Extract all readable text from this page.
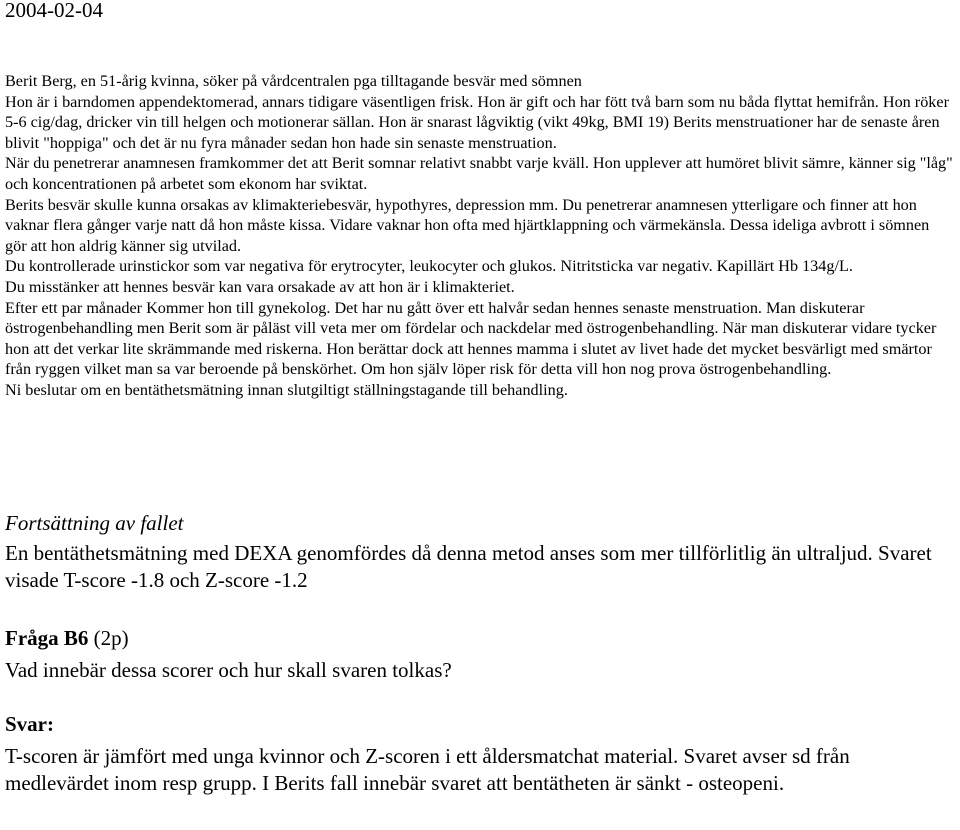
2004-02-04

Berit Berg, en 51-årig kvinna, söker på vårdcentralen pga tilltagande besvär med sömnen

Hon är i barndomen appendektomerad, annars tidigare väsentligen frisk. Hon är gift och har fött två barn som nu båda flyttat hemifrån. Hon röker 5-6 cig/dag, dricker vin till helgen och motionerar sällan. Hon är snarast lågviktig (vikt 49kg, BMI 19) Berits menstruationer har de senaste åren blivit "hoppiga" och det är nu fyra månader sedan hon hade sin senaste menstruation.

När du penetrerar anamnesen framkommer det att Berit somnar relativt snabbt varje kväll. Hon upplever att humöret blivit sämre, känner sig "låg" och koncentrationen på arbetet som ekonom har sviktat.

Berits besvär skulle kunna orsakas av klimakteriebesvär, hypothyres, depression mm. Du penetrerar anamnesen ytterligare och finner att hon vaknar flera gånger varje natt då hon måste kissa. Vidare vaknar hon ofta med hjärtklappning och värmekänsla. Dessa ideliga avbrott i sömnen gör att hon aldrig känner sig utvilad.

Du kontrollerade urinstickor som var negativa för erytrocyter, leukocyter och glukos. Nitritsticka var negativ. Kapillärt Hb 134g/L.

Du misstänker att hennes besvär kan vara orsakade av att hon är i klimakteriet.

Efter ett par månader Kommer hon till gynekolog. Det har nu gått över ett halvår sedan hennes senaste menstruation. Man diskuterar östrogenbehandling men Berit som är påläst vill veta mer om fördelar och nackdelar med östrogenbehandling. När man diskuterar vidare tycker hon att det verkar lite skrämmande med riskerna. Hon berättar dock att hennes mamma i slutet av livet hade det mycket besvärligt med smärtor från ryggen vilket man sa var beroende på benskörhet. Om hon själv löper risk för detta vill hon nog prova östrogenbehandling.

Ni beslutar om en bentäthetsmätning innan slutgiltigt ställningstagande till behandling.

Fortsättning av fallet

En bentäthetsmätning med DEXA genomfördes då denna metod anses som mer tillförlitlig än ultraljud. Svaret visade T-score -1.8 och Z-score -1.2

Fråga B6 (2p)

Vad innebär dessa scorer och hur skall svaren tolkas?

Svar:

T-scoren är jämfört med unga kvinnor och Z-scoren i ett åldersmatchat material. Svaret avser sd från medlevärdet inom resp grupp. I Berits fall innebär svaret att bentätheten är sänkt - osteopeni.
